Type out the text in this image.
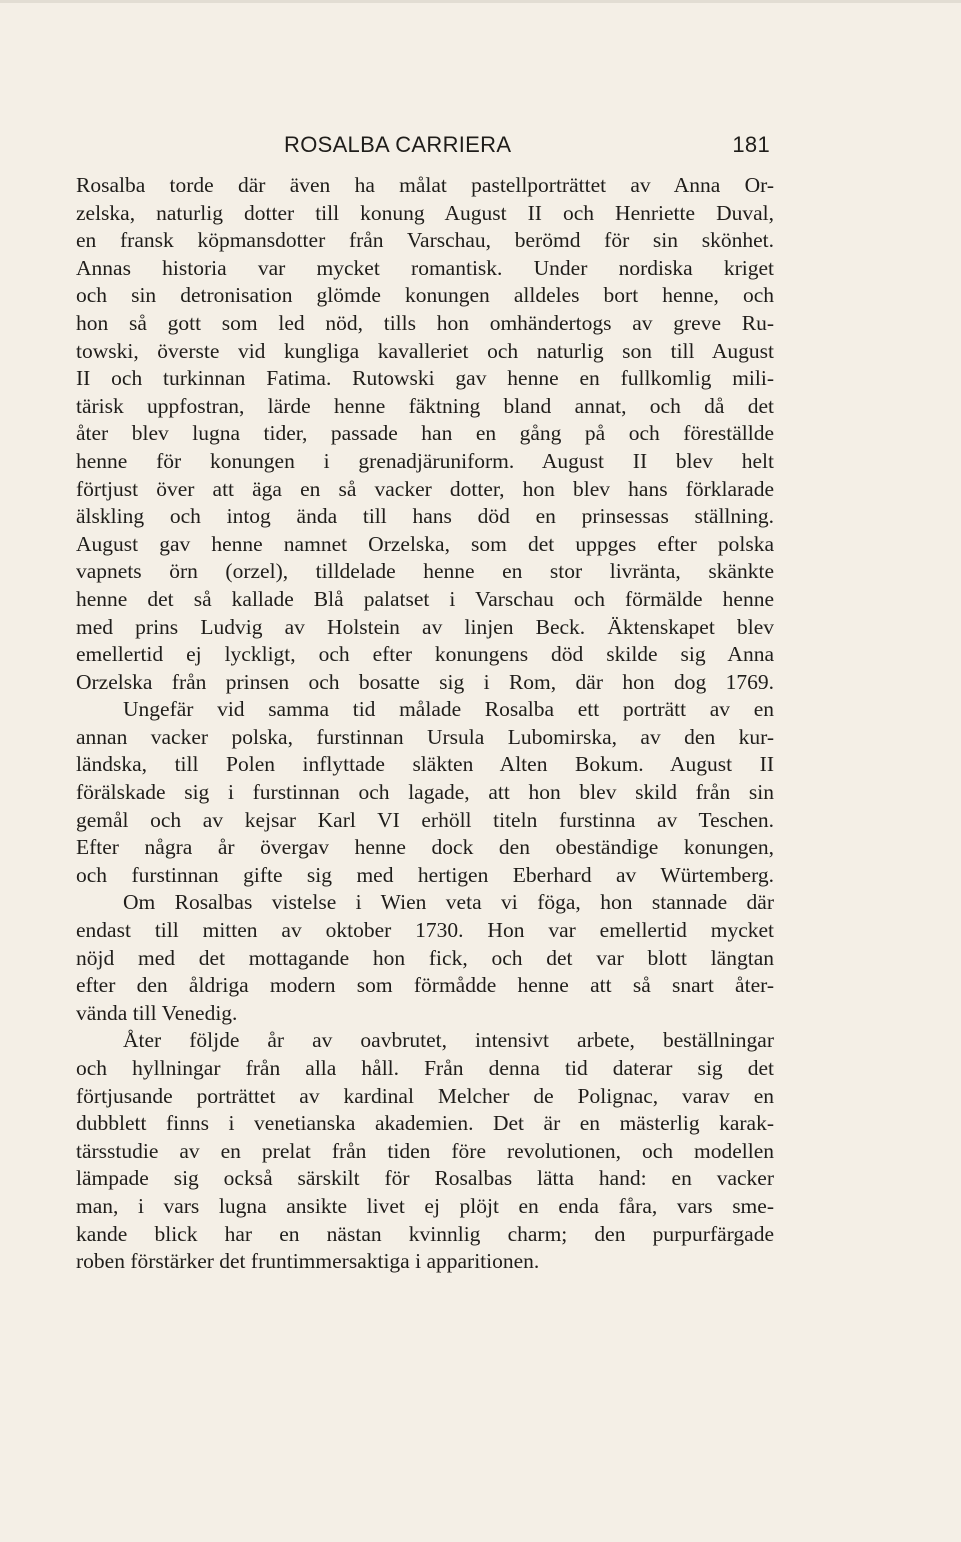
ROSALBA CARRIERA	181
Rosalba torde där även ha målat pastellporträttet av Anna Or-
zelska, naturlig dotter till konung August II och Henriette Duval,
en fransk köpmansdotter från Varschau, berömd för sin skönhet.
Annas historia var mycket romantisk. Under nordiska kriget
och sin detronisation glömde konungen alldeles bort henne, och
hon så gott som led nöd, tills hon omhändertogs av greve Ru-
towski, överste vid kungliga kavalleriet och naturlig son till August
II och turkinnan Fatima. Rutowski gav henne en fullkomlig mili-
tärisk uppfostran, lärde henne fäktning bland annat, och då det
åter blev lugna tider, passade han en gång på och föreställde
henne för konungen i grenadjäruniform. August II blev helt
förtjust över att äga en så vacker dotter, hon blev hans förklarade
älskling och intog ända till hans död en prinsessas ställning.
August gav henne namnet Orzelska, som det uppges efter polska
vapnets örn (orzel), tilldelade henne en stor livränta, skänkte
henne det så kallade Blå palatset i Varschau och förmälde henne
med prins Ludvig av Holstein av linjen Beck. Äktenskapet blev
emellertid ej lyckligt, och efter konungens död skilde sig Anna
Orzelska från prinsen och bosatte sig i Rom, där hon dog 1769.
Ungefär vid samma tid målade Rosalba ett porträtt av en
annan vacker polska, furstinnan Ursula Lubomirska, av den kur-
ländska, till Polen inflyttade släkten Alten Bokum. August II
förälskade sig i furstinnan och lagade, att hon blev skild från sin
gemål och av kejsar Karl VI erhöll titeln furstinna av Teschen.
Efter några år övergav henne dock den obeständige konungen,
och furstinnan gifte sig med hertigen Eberhard av Würtemberg.
Om Rosalbas vistelse i Wien veta vi föga, hon stannade där
endast till mitten av oktober 1730. Hon var emellertid mycket
nöjd med det mottagande hon fick, och det var blott längtan
efter den åldriga modern som förmådde henne att så snart åter-
vända till Venedig.
Åter följde år av oavbrutet, intensivt arbete, beställningar
och hyllningar från alla håll. Från denna tid daterar sig det
förtjusande porträttet av kardinal Melcher de Polignac, varav en
dubblett finns i venetianska akademien. Det är en mästerlig karak-
tärsstudie av en prelat från tiden före revolutionen, och modellen
lämpade sig också särskilt för Rosalbas lätta hand: en vacker
man, i vars lugna ansikte livet ej plöjt en enda fåra, vars sme-
kande blick har en nästan kvinnlig charm; den purpurfärgade
roben förstärker det fruntimmersaktiga i apparitionen.
